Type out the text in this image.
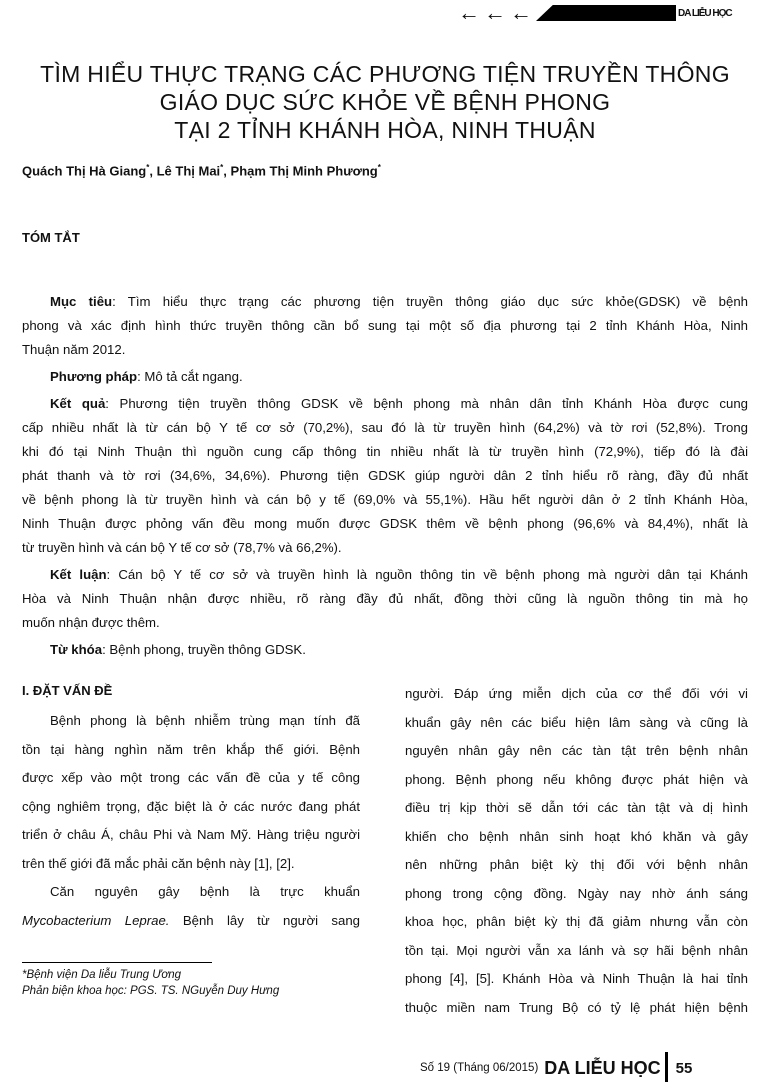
← ← ←	DA LIỄU HỌC
TÌM HIỂU THỰC TRẠNG CÁC PHƯƠNG TIỆN TRUYỀN THÔNG
GIÁO DỤC SỨC KHỎE VỀ BỆNH PHONG
TẠI 2 TỈNH KHÁNH HÒA, NINH THUẬN
Quách Thị Hà Giang*, Lê Thị Mai*, Phạm Thị Minh Phương*
TÓM TẮT
Mục tiêu: Tìm hiểu thực trạng các phương tiện truyền thông giáo dục sức khỏe(GDSK) về bệnh
phong và xác định hình thức truyền thông cần bổ sung tại một số địa phương tại 2 tỉnh Khánh Hòa, Ninh
Thuận năm 2012.
Phương pháp: Mô tả cắt ngang.
Kết quả: Phương tiện truyền thông GDSK về bệnh phong mà nhân dân tỉnh Khánh Hòa được cung
cấp nhiều nhất là từ cán bộ Y tế cơ sở (70,2%), sau đó là từ truyền hình (64,2%) và tờ rơi (52,8%). Trong
khi đó tại Ninh Thuận thì nguồn cung cấp thông tin nhiều nhất là từ truyền hình (72,9%), tiếp đó là đài
phát thanh và tờ rơi (34,6%, 34,6%). Phương tiện GDSK giúp người dân 2 tỉnh hiểu rõ ràng, đầy đủ nhất
về bệnh phong là từ truyền hình và cán bộ y tế (69,0% và 55,1%). Hầu hết người dân ở 2 tỉnh Khánh Hòa,
Ninh Thuận được phỏng vấn đều mong muốn được GDSK thêm về bệnh phong (96,6% và 84,4%), nhất là
từ truyền hình và cán bộ Y tế cơ sở (78,7% và 66,2%).
Kết luận: Cán bộ Y tế cơ sở và truyền hình là nguồn thông tin về bệnh phong mà người dân tại Khánh
Hòa và Ninh Thuận nhận được nhiều, rõ ràng đầy đủ nhất, đồng thời cũng là nguồn thông tin mà họ
muốn nhận được thêm.
Từ khóa: Bệnh phong, truyền thông GDSK.
I. ĐẶT VẤN ĐỀ
Bệnh phong là bệnh nhiễm trùng mạn tính đã
tồn tại hàng nghìn năm trên khắp thế giới. Bệnh
được xếp vào một trong các vấn đề của y tế công
cộng nghiêm trọng, đặc biệt là ở các nước đang phát
triển ở châu Á, châu Phi và Nam Mỹ. Hàng triệu người
trên thế giới đã mắc phải căn bệnh này [1], [2].
Căn nguyên gây bệnh là trực khuẩn
Mycobacterium Leprae. Bệnh lây từ người sang
người. Đáp ứng miễn dịch của cơ thể đối với vi
khuẩn gây nên các biểu hiện lâm sàng và cũng là
nguyên nhân gây nên các tàn tật trên bệnh nhân
phong. Bệnh phong nếu không được phát hiện và
điều trị kịp thời sẽ dẫn tới các tàn tật và dị hình
khiến cho bệnh nhân sinh hoạt khó khăn và gây
nên những phân biệt kỳ thị đối với bệnh nhân
phong trong cộng đồng. Ngày nay nhờ ánh sáng
khoa học, phân biệt kỳ thị đã giảm nhưng vẫn còn
tồn tại. Mọi người vẫn xa lánh và sợ hãi bệnh nhân
phong [4], [5]. Khánh Hòa và Ninh Thuận là hai tỉnh
thuộc miền nam Trung Bộ có tỷ lệ phát hiện bệnh
*Bệnh viện Da liễu Trung Ương
Phản biện khoa học: PGS. TS. NGuyễn Duy Hưng
Số 19 (Tháng 06/2015) DA LIỄU HỌC 55
